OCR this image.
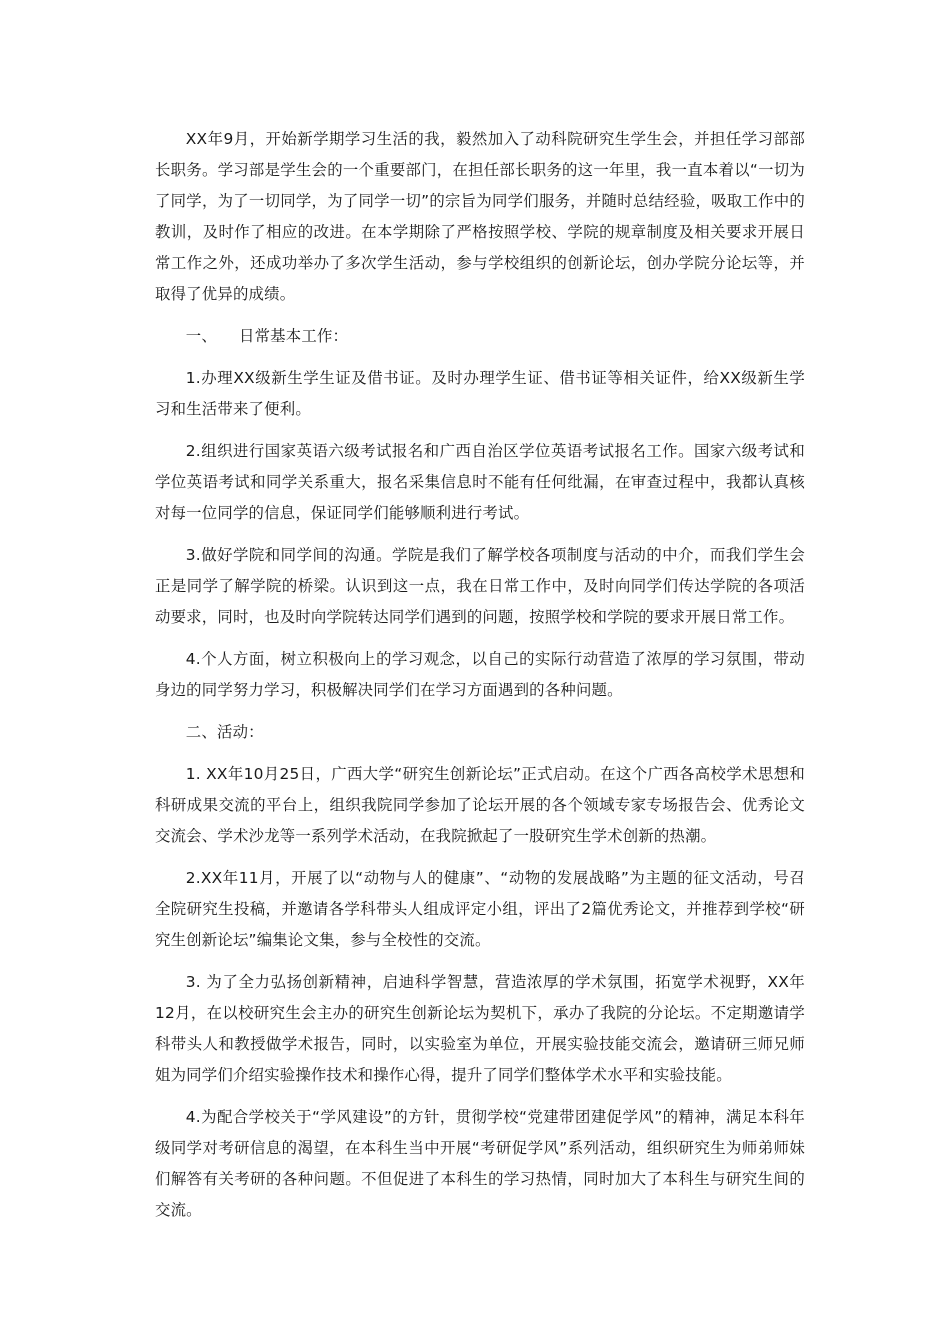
XX年9月，开始新学期学习生活的我，毅然加入了动科院研究生学生会，并担任学习部部长职务。学习部是学生会的一个重要部门，在担任部长职务的这一年里，我一直本着以“一切为了同学，为了一切同学，为了同学一切”的宗旨为同学们服务，并随时总结经验，吸取工作中的教训，及时作了相应的改进。在本学期除了严格按照学校、学院的规章制度及相关要求开展日常工作之外，还成功举办了多次学生活动，参与学校组织的创新论坛，创办学院分论坛等，并取得了优异的成绩。

一、 日常基本工作：

1.办理XX级新生学生证及借书证。及时办理学生证、借书证等相关证件，给XX级新生学习和生活带来了便利。

2.组织进行国家英语六级考试报名和广西自治区学位英语考试报名工作。国家六级考试和学位英语考试和同学关系重大，报名采集信息时不能有任何纰漏，在审查过程中，我都认真核对每一位同学的信息，保证同学们能够顺利进行考试。

3.做好学院和同学间的沟通。学院是我们了解学校各项制度与活动的中介，而我们学生会正是同学了解学院的桥梁。认识到这一点，我在日常工作中，及时向同学们传达学院的各项活动要求，同时，也及时向学院转达同学们遇到的问题，按照学校和学院的要求开展日常工作。

4.个人方面，树立积极向上的学习观念，以自己的实际行动营造了浓厚的学习氛围，带动身边的同学努力学习，积极解决同学们在学习方面遇到的各种问题。

二、活动：

1. XX年10月25日，广西大学“研究生创新论坛”正式启动。在这个广西各高校学术思想和科研成果交流的平台上，组织我院同学参加了论坛开展的各个领域专家专场报告会、优秀论文交流会、学术沙龙等一系列学术活动，在我院掀起了一股研究生学术创新的热潮。

2.XX年11月，开展了以“动物与人的健康”、“动物的发展战略”为主题的征文活动，号召全院研究生投稿，并邀请各学科带头人组成评定小组，评出了2篇优秀论文，并推荐到学校“研究生创新论坛”编集论文集，参与全校性的交流。

3. 为了全力弘扬创新精神，启迪科学智慧，营造浓厚的学术氛围，拓宽学术视野，XX年12月，在以校研究生会主办的研究生创新论坛为契机下，承办了我院的分论坛。不定期邀请学科带头人和教授做学术报告，同时，以实验室为单位，开展实验技能交流会，邀请研三师兄师姐为同学们介绍实验操作技术和操作心得，提升了同学们整体学术水平和实验技能。

4.为配合学校关于“学风建设”的方针，贯彻学校“党建带团建促学风”的精神，满足本科年级同学对考研信息的渴望，在本科生当中开展“考研促学风”系列活动，组织研究生为师弟师妹们解答有关考研的各种问题。不但促进了本科生的学习热情，同时加大了本科生与研究生间的交流。
